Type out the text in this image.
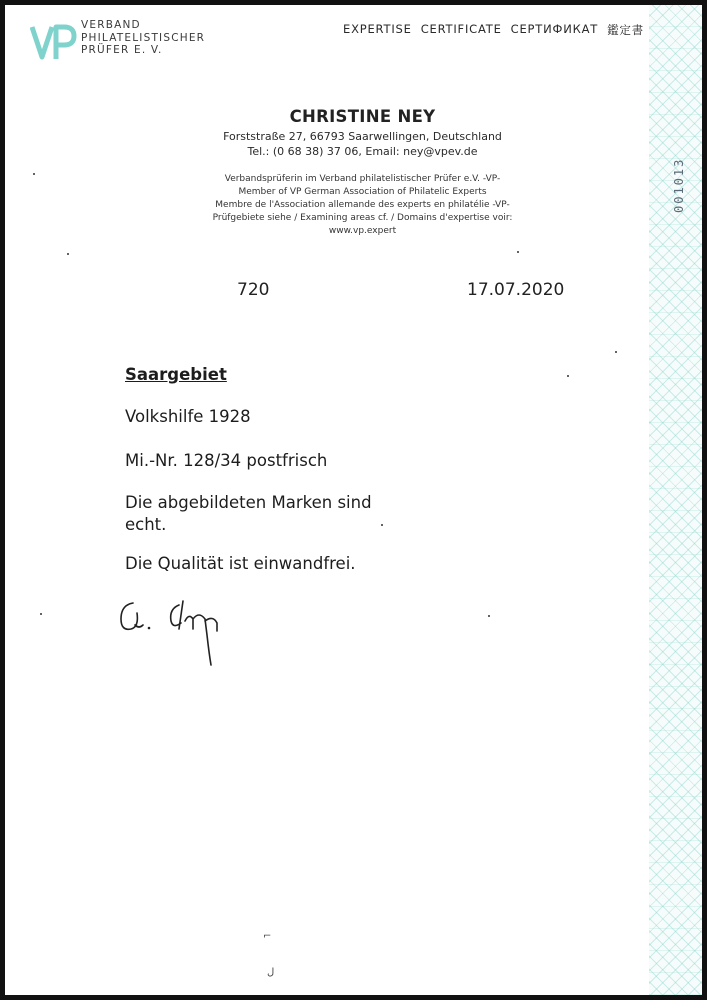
001013
VERBAND
PHILATELISTISCHER
PRÜFER E. V.
EXPERTISE CERTIFICATE СЕРТИФИКАТ 鑑定書
CHRISTINE NEY
Forststraße 27, 66793 Saarwellingen, Deutschland
Tel.: (0 68 38) 37 06, Email: ney@vpev.de
Verbandsprüferin im Verband philatelistischer Prüfer e.V. -VP-
Member of VP German Association of Philatelic Experts
Membre de l'Association allemande des experts en philatélie -VP-
Prüfgebiete siehe / Examining areas cf. / Domains d'expertise voir:
www.vp.expert
720	17.07.2020
Saargebiet
Volkshilfe 1928
Mi.-Nr. 128/34 postfrisch
Die abgebildeten Marken sind echt.
Die Qualität ist einwandfrei.
⌐
ل
